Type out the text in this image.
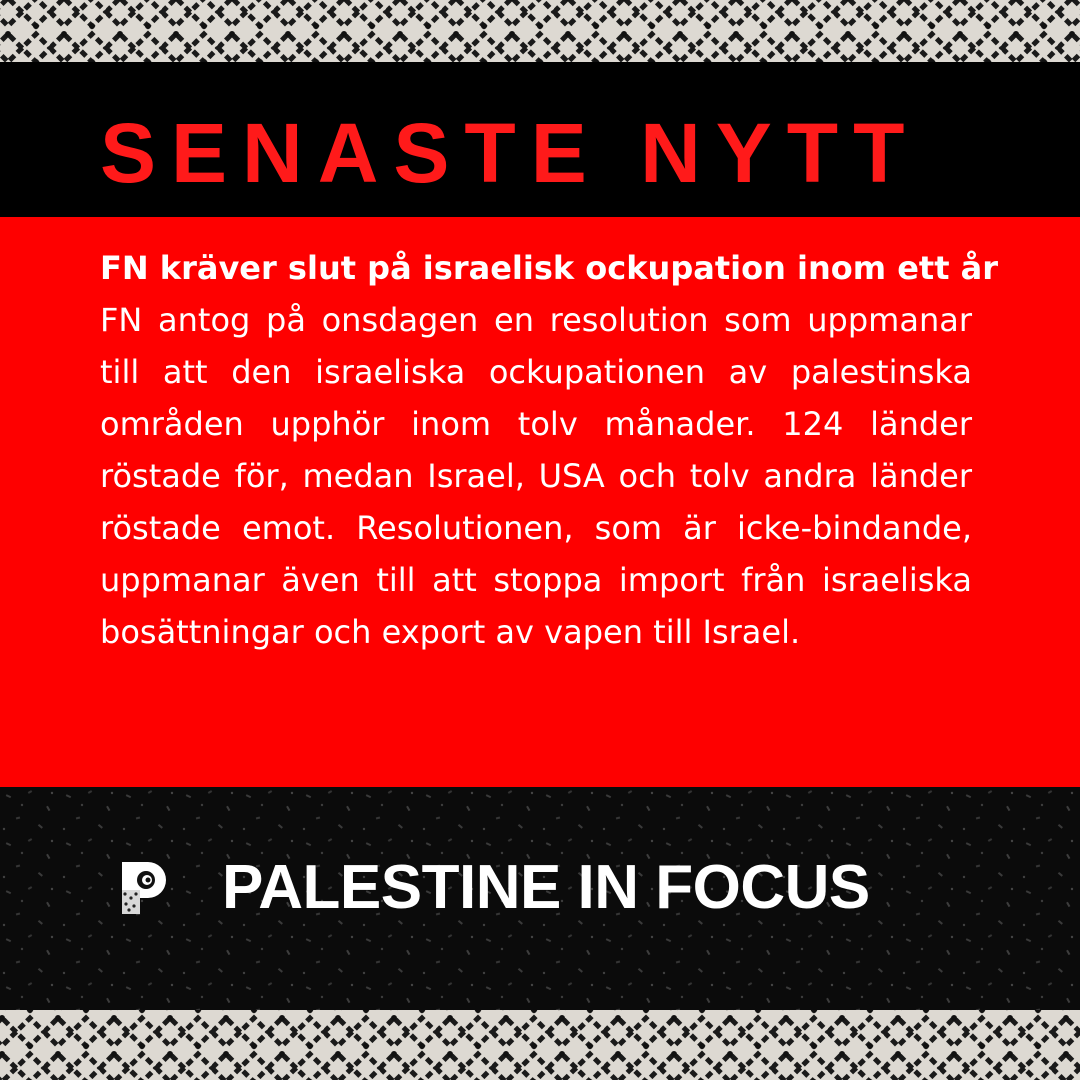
SENASTE NYTT

FN kräver slut på israelisk ockupation inom ett år

FN antog på onsdagen en resolution som uppmanar till att den israeliska ockupationen av palestinska områden upphör inom tolv månader. 124 länder röstade för, medan Israel, USA och tolv andra länder röstade emot. Resolutionen, som är icke-bindande, uppmanar även till att stoppa import från israeliska bosättningar och export av vapen till Israel.

PALESTINE IN FOCUS
